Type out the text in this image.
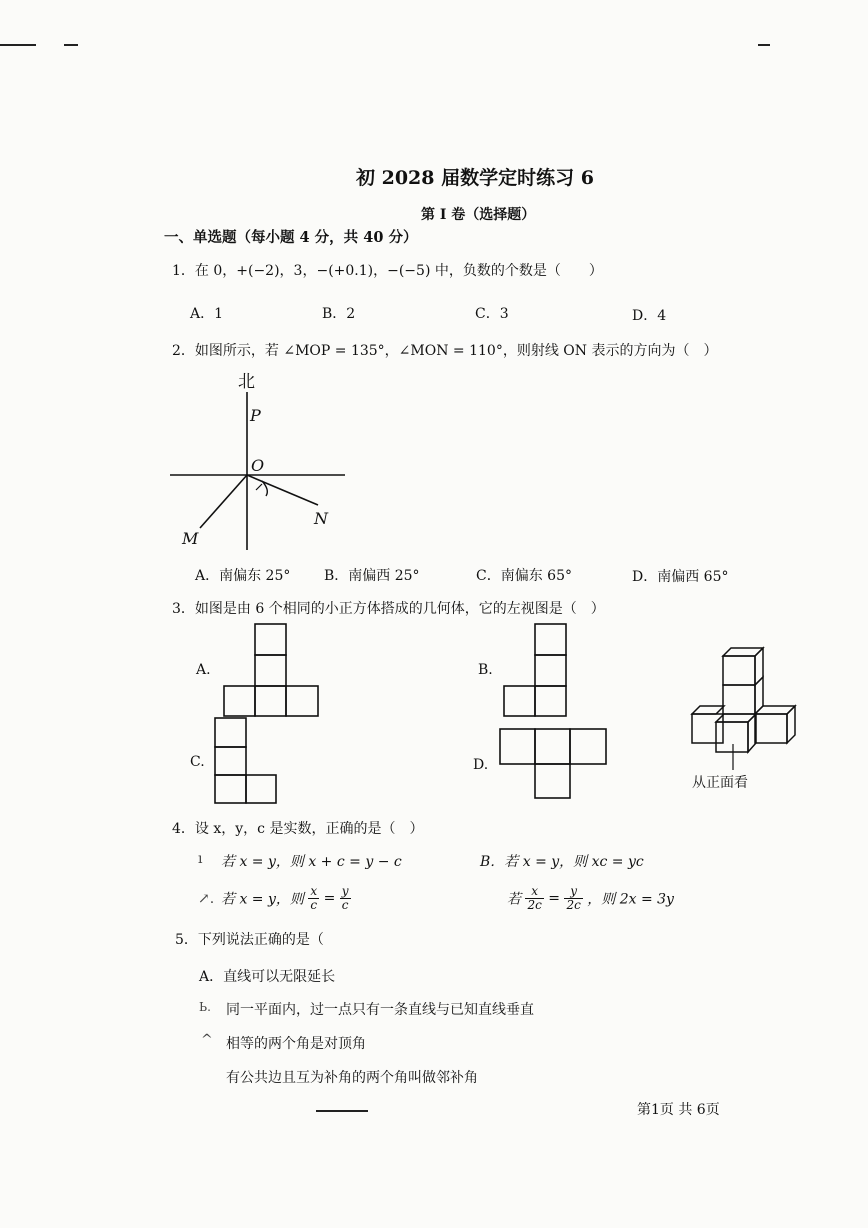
初 2028 届数学定时练习 6
第 I 卷（选择题）
一、单选题（每小题 4 分，共 40 分）
1．在 0，+(−2)，3，−(+0.1)，−(−5) 中，负数的个数是（　　）
A．1	B．2	C．3	D．4
2．如图所示，若 ∠MOP = 135°，∠MON = 110°，则射线 ON 表示的方向为（　）
北
P
O
M
N
A．南偏东 25° B．南偏西 25°	C．南偏东 65°	D．南偏西 65°
3．如图是由 6 个相同的小正方体搭成的几何体，它的左视图是（　）
A.	B.
C.	D.
从正面看
4．设 x，y，c 是实数，正确的是（　）
ı 若 x = y，则 x + c = y − c	B．若 x = y，则 xc = yc
↗. 若 x = y，则 $\frac{x}{c} = \frac{y}{c}$	若 $\frac{x}{2c} = \frac{y}{2c}$ ，则 2x = 3y
5．下列说法正确的是（
A．直线可以无限延长
Ь. 同一平面内，过一点只有一条直线与已知直线垂直
^ 相等的两个角是对顶角
有公共边且互为补角的两个角叫做邻补角
第1页 共 6页
